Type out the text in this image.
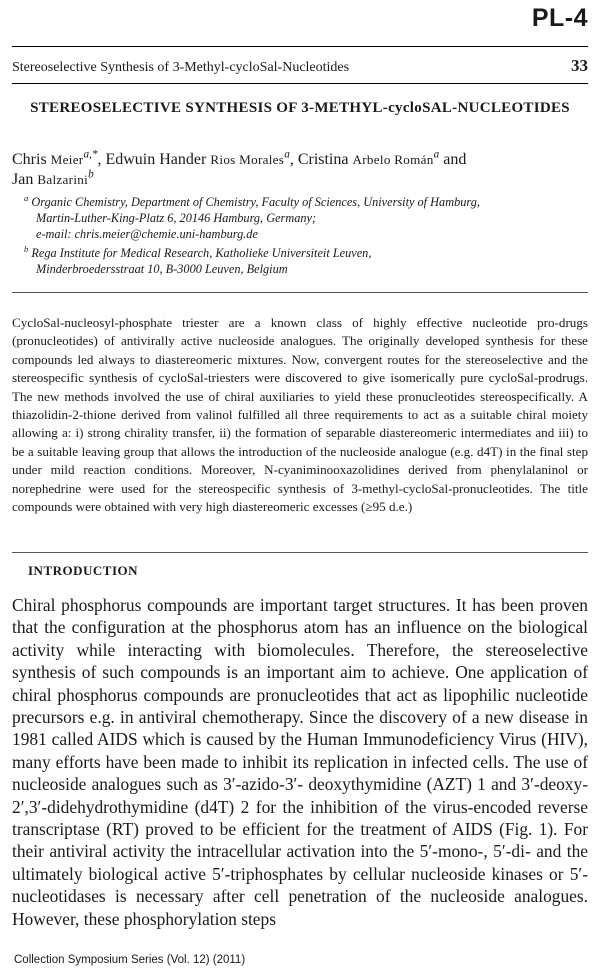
PL-4
Stereoselective Synthesis of 3-Methyl-cycloSal-Nucleotides	33
STEREOSELECTIVE SYNTHESIS OF 3-METHYL-cycloSAL-NUCLEOTIDES
Chris Meier$^{a,*}$, Edwuin Hander Rios Morales$^a$, Cristina Arbelo Román$^a$ and
Jan Balzarini$^b$
$^a$ Organic Chemistry, Department of Chemistry, Faculty of Sciences, University of Hamburg,
Martin-Luther-King-Platz 6, 20146 Hamburg, Germany;
e-mail: chris.meier@chemie.uni-hamburg.de
$^b$ Rega Institute for Medical Research, Katholieke Universiteit Leuven,
Minderbroedersstraat 10, B-3000 Leuven, Belgium
CycloSal-nucleosyl-phosphate triester are a known class of highly effective nucleotide pro-drugs (pronucleotides) of antivirally active nucleoside analogues. The originally developed synthesis for these compounds led always to diastereomeric mixtures. Now, convergent routes for the stereoselective and the stereospecific synthesis of cycloSal-triesters were discovered to give isomerically pure cycloSal-prodrugs. The new methods involved the use of chiral auxiliaries to yield these pronucleotides stereospecifically. A thiazolidin-2-thione derived from valinol fulfilled all three requirements to act as a suitable chiral moiety allowing a: i) strong chirality transfer, ii) the formation of separable diastereomeric intermediates and iii) to be a suitable leaving group that allows the introduction of the nucleoside analogue (e.g. d4T) in the final step under mild reaction conditions. Moreover, N-cyaniminooxazolidines derived from phenylalaninol or norephedrine were used for the stereospecific synthesis of 3-methyl-cycloSal-pronucleotides. The title compounds were obtained with very high diastereomeric excesses (≥95 d.e.)
INTRODUCTION
Chiral phosphorus compounds are important target structures. It has been proven that the configuration at the phosphorus atom has an influence on the biological activity while interacting with biomolecules. Therefore, the stereoselective synthesis of such compounds is an important aim to achieve. One application of chiral phosphorus compounds are pronucleotides that act as lipophilic nucleotide precursors e.g. in antiviral chemotherapy. Since the discovery of a new disease in 1981 called AIDS which is caused by the Human Immunodeficiency Virus (HIV), many efforts have been made to inhibit its replication in infected cells. The use of nucleoside analogues such as 3′-azido-3′- deoxythymidine (AZT) 1 and 3′-deoxy-2′,3′-didehydrothymidine (d4T) 2 for the inhibition of the virus-encoded reverse transcriptase (RT) proved to be efficient for the treatment of AIDS (Fig. 1). For their antiviral activity the intracellular activation into the 5′-mono-, 5′-di- and the ultimately biological active 5′-triphosphates by cellular nucleoside kinases or 5′-nucleotidases is necessary after cell penetration of the nucleoside analogues. However, these phosphorylation steps
Collection Symposium Series (Vol. 12) (2011)
